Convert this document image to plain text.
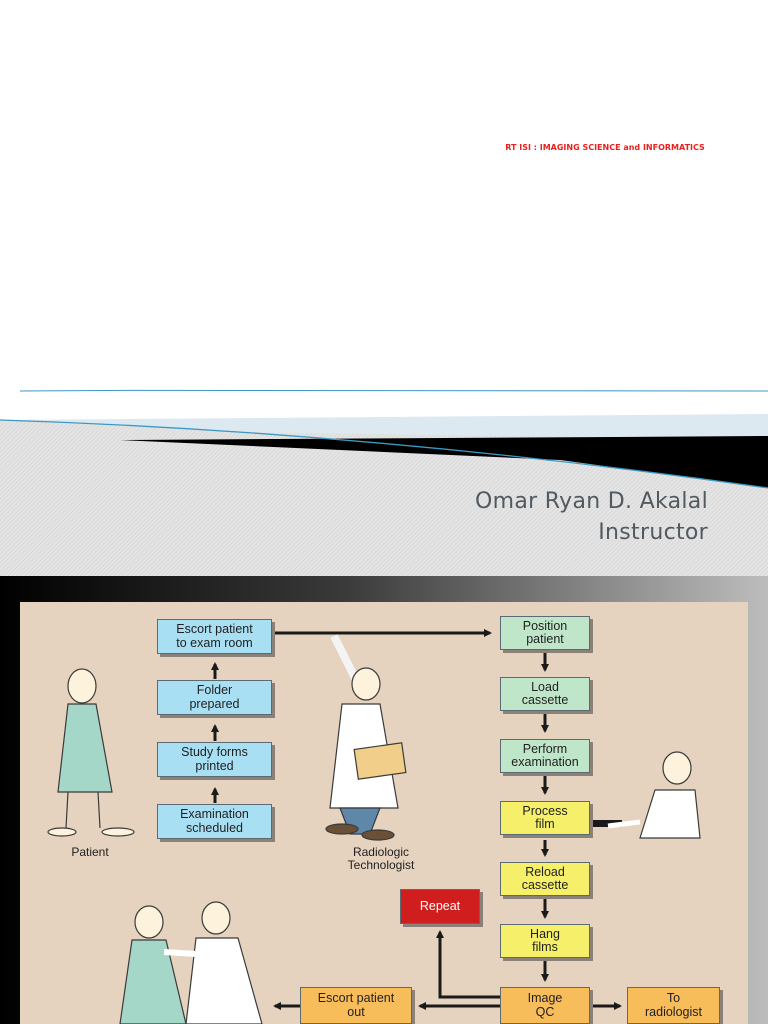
RT ISI : IMAGING SCIENCE and INFORMATICS
Omar Ryan D. Akalal
Instructor
Escort patient
to exam room
Folder
prepared
Study forms
printed
Examination
scheduled
Position
patient
Load
cassette
Perform
examination
Process
film
Reload
cassette
Hang
films
Image
QC
Repeat
Escort patient
out
To
radiologist
Patient	Radiologic
Technologist
